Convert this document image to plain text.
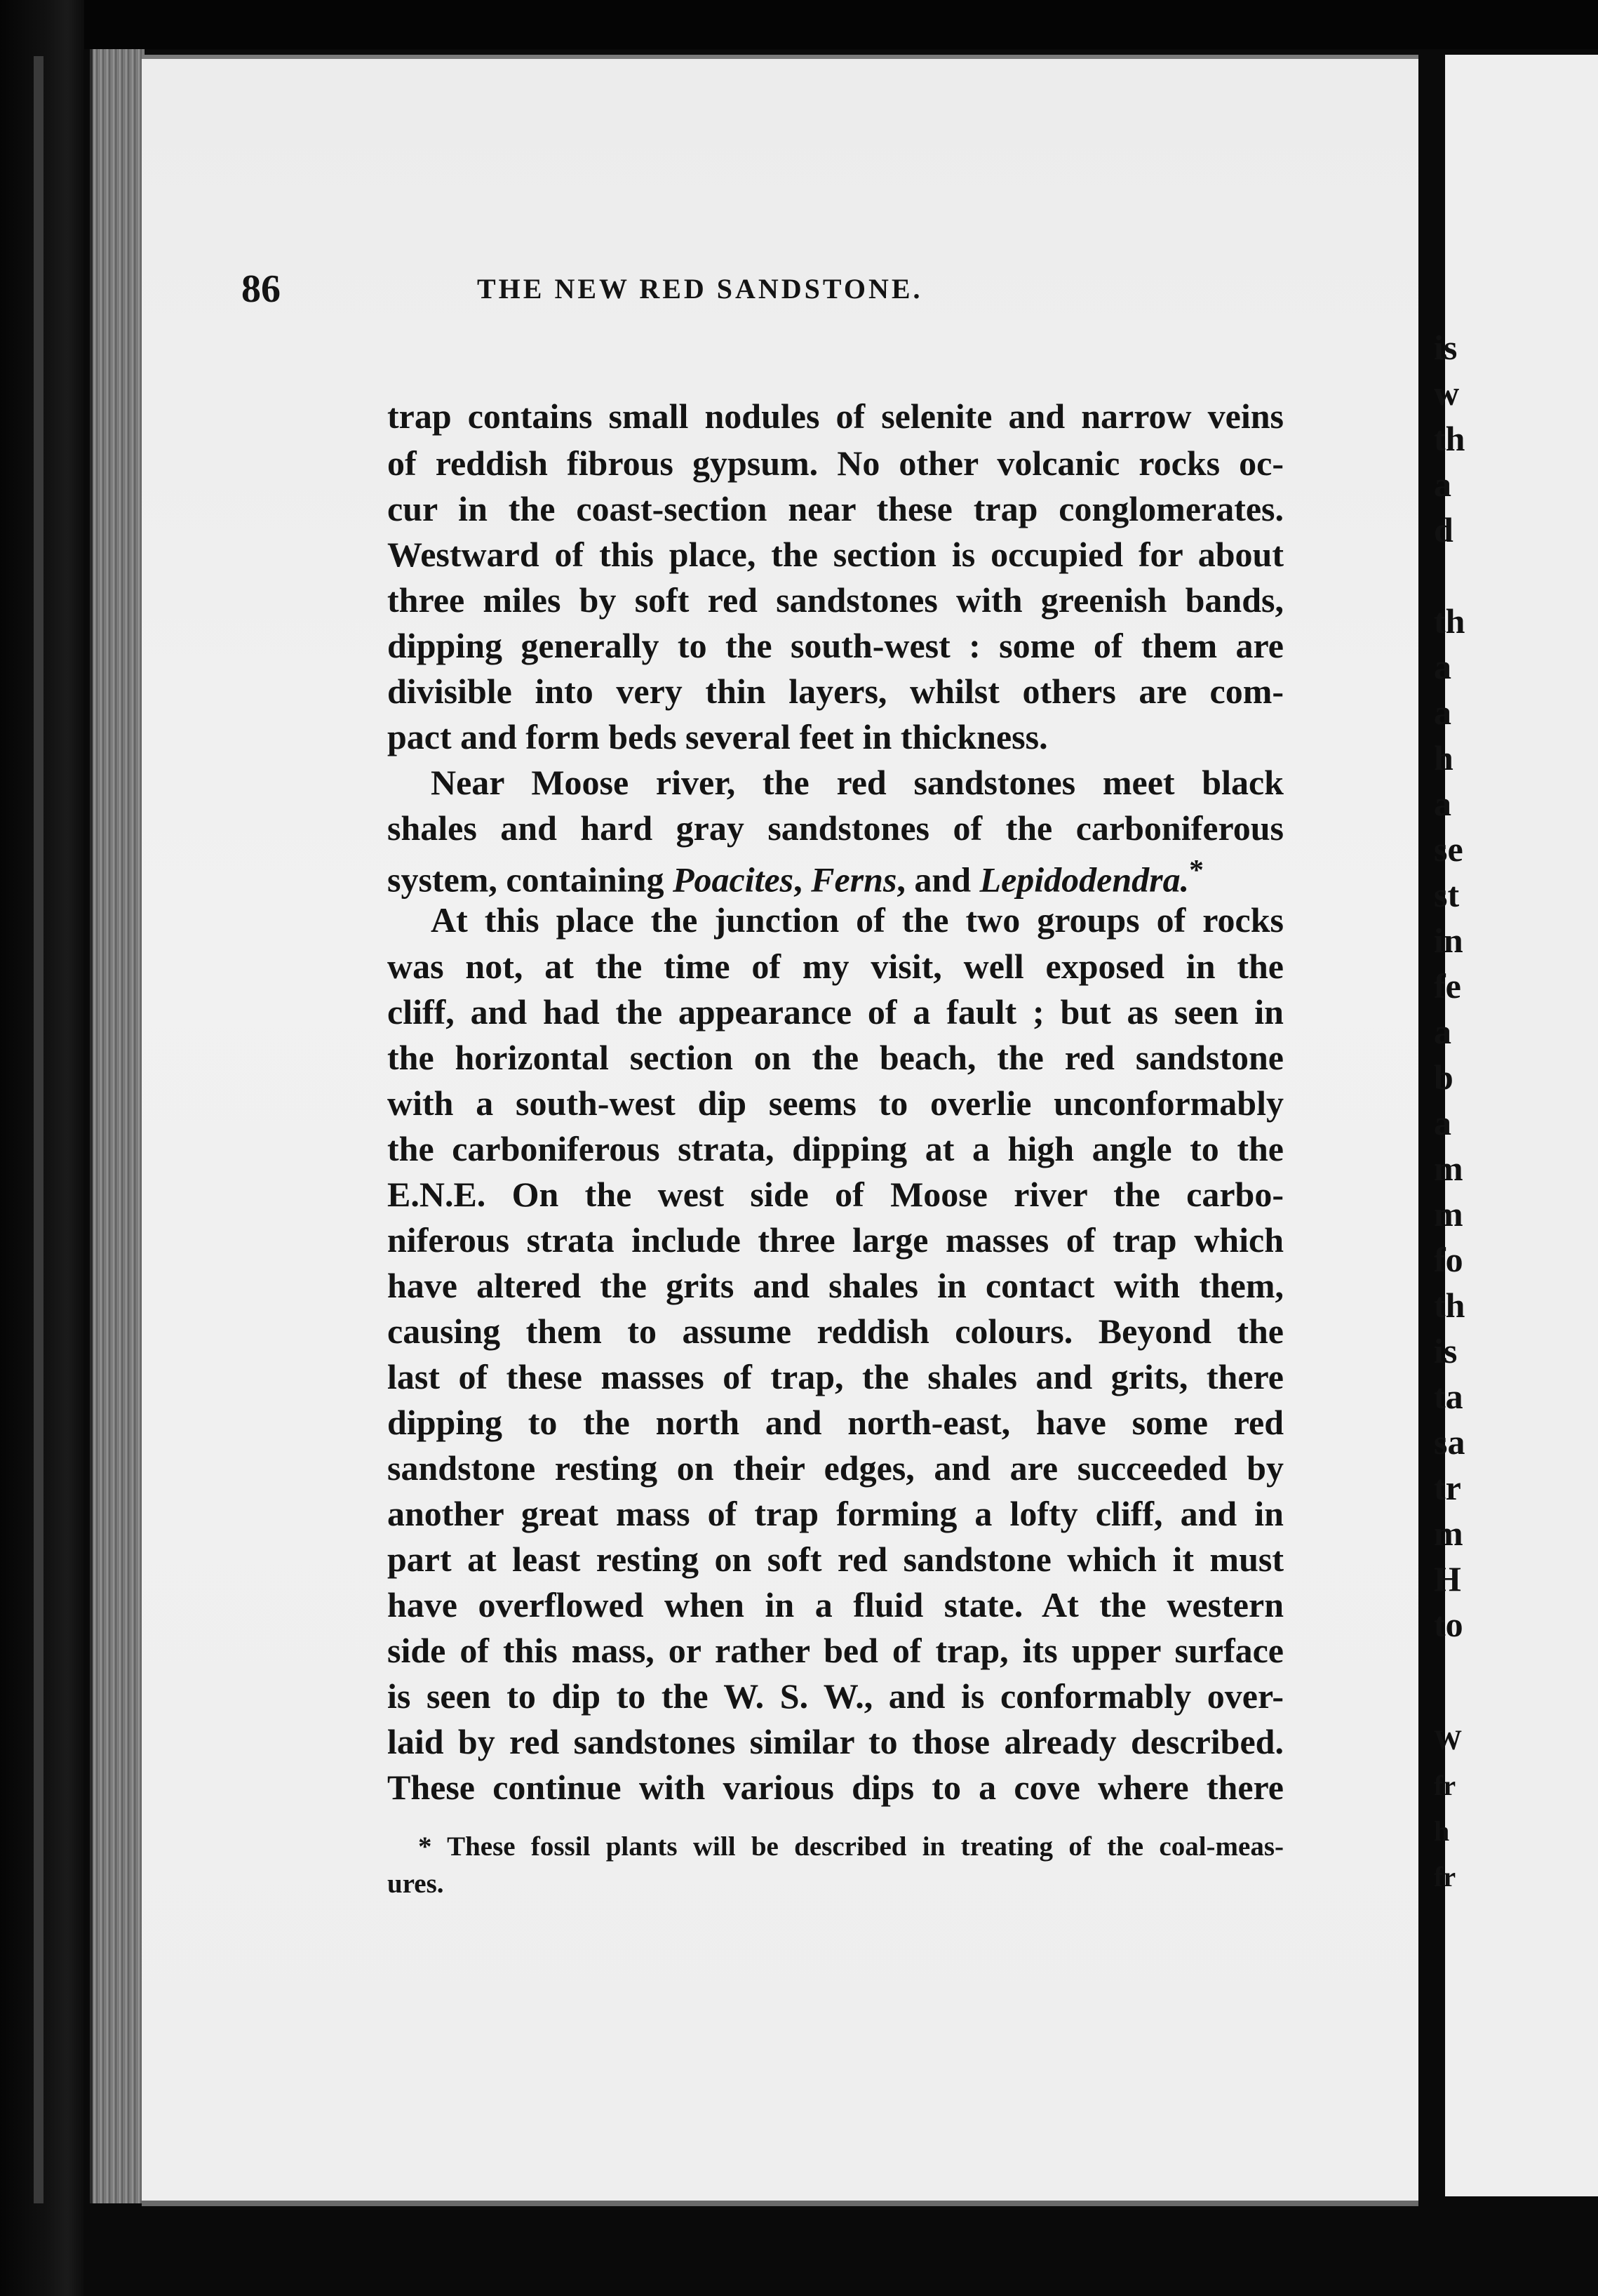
is
w
th
a
d
th
a
a
h
a
se
st
in
fe
a
b
a
m
m
fo
th
is
ta
sa
tr
m
H
to
W
fr
h
fr
86	THE NEW RED SANDSTONE.
trap contains small nodules of selenite and narrow veins
of reddish fibrous gypsum. No other volcanic rocks oc-
cur in the coast-section near these trap conglomerates.
Westward of this place, the section is occupied for about
three miles by soft red sandstones with greenish bands,
dipping generally to the south-west : some of them are
divisible into very thin layers, whilst others are com-
pact and form beds several feet in thickness.
Near Moose river, the red sandstones meet black
shales and hard gray sandstones of the carboniferous
system, containing Poacites, Ferns, and Lepidodendra.*
At this place the junction of the two groups of rocks
was not, at the time of my visit, well exposed in the
cliff, and had the appearance of a fault ; but as seen in
the horizontal section on the beach, the red sandstone
with a south-west dip seems to overlie unconformably
the carboniferous strata, dipping at a high angle to the
E.N.E. On the west side of Moose river the carbo-
niferous strata include three large masses of trap which
have altered the grits and shales in contact with them,
causing them to assume reddish colours. Beyond the
last of these masses of trap, the shales and grits, there
dipping to the north and north-east, have some red
sandstone resting on their edges, and are succeeded by
another great mass of trap forming a lofty cliff, and in
part at least resting on soft red sandstone which it must
have overflowed when in a fluid state. At the western
side of this mass, or rather bed of trap, its upper surface
is seen to dip to the W. S. W., and is conformably over-
laid by red sandstones similar to those already described.
These continue with various dips to a cove where there
* These fossil plants will be described in treating of the coal-meas-
ures.
